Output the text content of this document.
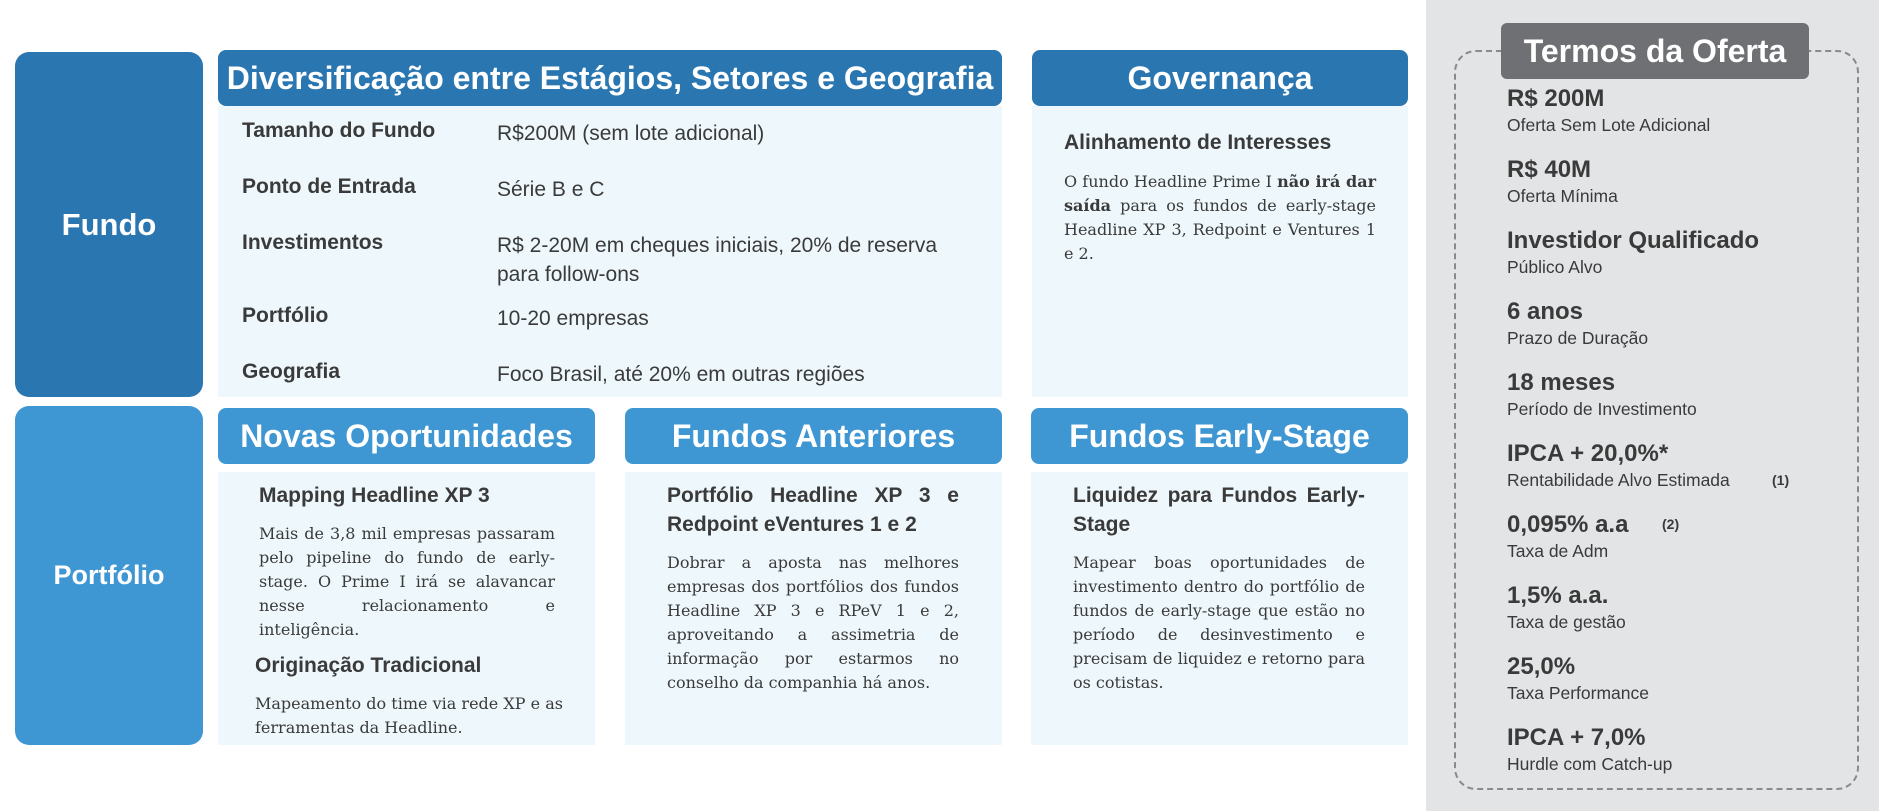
Fundo
Portfólio
Diversificação entre Estágios, Setores e Geografia
Tamanho do Fundo	R$200M (sem lote adicional)
Ponto de Entrada	Série B e C
Investimentos	R$ 2-20M em cheques iniciais, 20% de reserva para follow-ons
Portfólio	10-20 empresas
Geografia	Foco Brasil, até 20% em outras regiões
Governança
Alinhamento de Interesses
O fundo Headline Prime I não irá dar saída para os fundos de early-stage Headline XP 3, Redpoint e Ventures 1 e 2.
Novas Oportunidades
Mapping Headline XP 3
Mais de 3,8 mil empresas passaram pelo pipeline do fundo de early-stage. O Prime I irá se alavancar nesse relacionamento e inteligência.
Originação Tradicional
Mapeamento do time via rede XP e as ferramentas da Headline.
Fundos Anteriores
Portfólio Headline XP 3 e Redpoint eVentures 1 e 2
Dobrar a aposta nas melhores empresas dos portfólios dos fundos Headline XP 3 e RPeV 1 e 2, aproveitando a assimetria de informação por estarmos no conselho da companhia há anos.
Fundos Early-Stage
Liquidez para Fundos Early-Stage
Mapear boas oportunidades de investimento dentro do portfólio de fundos de early-stage que estão no período de desinvestimento e precisam de liquidez e retorno para os cotistas.
Termos da Oferta
R$ 200M
Oferta Sem Lote Adicional
R$ 40M
Oferta Mínima
Investidor Qualificado
Público Alvo
6 anos
Prazo de Duração
18 meses
Período de Investimento
IPCA + 20,0%*
Rentabilidade Alvo Estimada
0,095% a.a
Taxa de Adm
1,5% a.a.
Taxa de gestão
25,0%
Taxa Performance
IPCA + 7,0%
Hurdle com Catch-up
(1)
(2)
